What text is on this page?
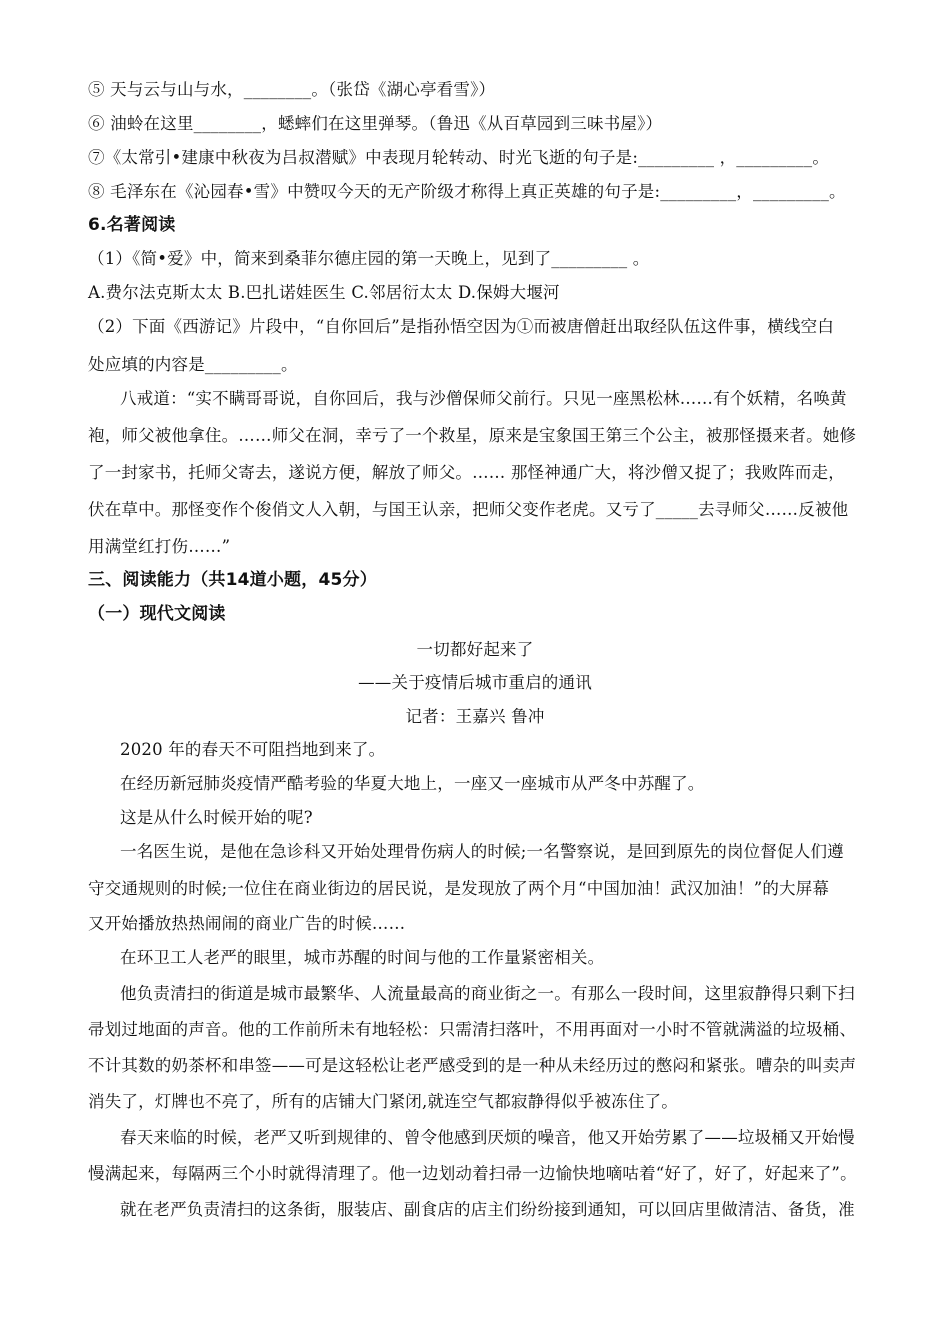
⑤ 天与云与山与水，________。（张岱《湖心亭看雪》）
⑥ 油蛉在这里________，蟋蟀们在这里弹琴。（鲁迅《从百草园到三味书屋》）
⑦《太常引•建康中秋夜为吕叔潜赋》中表现月轮转动、时光飞逝的句子是:_________ ，_________。
⑧ 毛泽东在《沁园春•雪》中赞叹今天的无产阶级才称得上真正英雄的句子是:_________，_________。
6.名著阅读
（1）《简•爱》中，简来到桑菲尔德庄园的第一天晚上，见到了_________ 。
A.费尔法克斯太太 B.巴扎诺娃医生 C.邻居衍太太 D.保姆大堰河
（2）下面《西游记》片段中，“自你回后”是指孙悟空因为①而被唐僧赶出取经队伍这件事，横线空白
处应填的内容是_________。
八戒道：“实不瞒哥哥说，自你回后，我与沙僧保师父前行。只见一座黑松林……有个妖精，名唤黄
袍，师父被他拿住。……师父在洞，幸亏了一个救星，原来是宝象国王第三个公主，被那怪摄来者。她修
了一封家书，托师父寄去，遂说方便，解放了师父。…… 那怪神通广大，将沙僧又捉了；我败阵而走，
伏在草中。那怪变作个俊俏文人入朝，与国王认亲，把师父变作老虎。又亏了_____去寻师父……反被他
用满堂红打伤……”
三、阅读能力（共14道小题，45分）
（一）现代文阅读
一切都好起来了
——关于疫情后城市重启的通讯
记者：王嘉兴 鲁冲
2020 年的春天不可阻挡地到来了。
在经历新冠肺炎疫情严酷考验的华夏大地上，一座又一座城市从严冬中苏醒了。
这是从什么时候开始的呢?
一名医生说，是他在急诊科又开始处理骨伤病人的时候;一名警察说，是回到原先的岗位督促人们遵
守交通规则的时候;一位住在商业街边的居民说，是发现放了两个月“中国加油！武汉加油！”的大屏幕
又开始播放热热闹闹的商业广告的时候……
在环卫工人老严的眼里，城市苏醒的时间与他的工作量紧密相关。
他负责清扫的街道是城市最繁华、人流量最高的商业街之一。有那么一段时间，这里寂静得只剩下扫
帚划过地面的声音。他的工作前所未有地轻松：只需清扫落叶，不用再面对一小时不管就满溢的垃圾桶、
不计其数的奶茶杯和串签——可是这轻松让老严感受到的是一种从未经历过的憋闷和紧张。嘈杂的叫卖声
消失了，灯牌也不亮了，所有的店铺大门紧闭,就连空气都寂静得似乎被冻住了。
春天来临的时候，老严又听到规律的、曾令他感到厌烦的噪音，他又开始劳累了——垃圾桶又开始慢
慢满起来，每隔两三个小时就得清理了。他一边划动着扫帚一边愉快地嘀咕着“好了，好了，好起来了”。
就在老严负责清扫的这条街，服装店、副食店的店主们纷纷接到通知，可以回店里做清洁、备货，准
